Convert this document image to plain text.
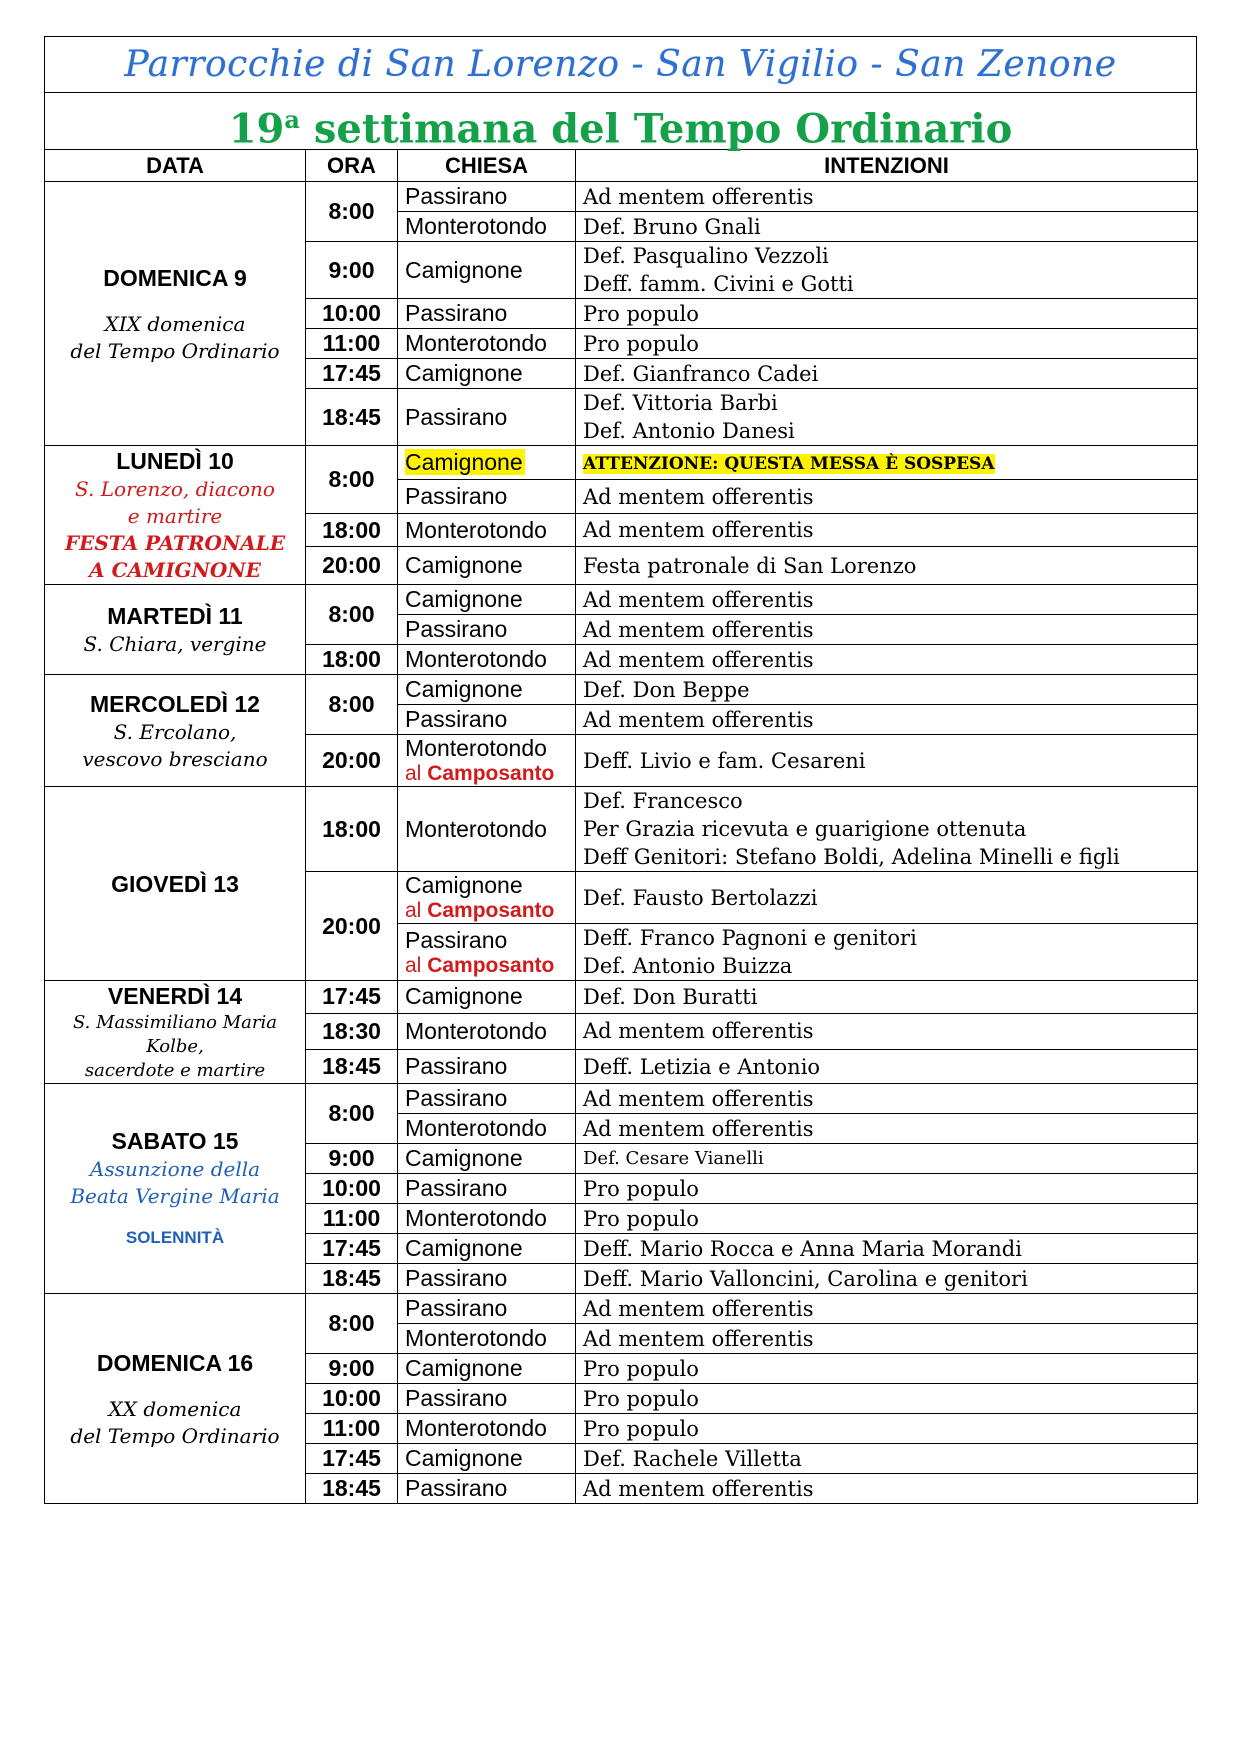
Parrocchie di San Lorenzo - San Vigilio - San Zenone
19$^a$ settimana del Tempo Ordinario
DATA	ORA	CHIESA	INTENZIONI

DOMENICA 9
XIX domenica
del Tempo Ordinario	8:00	Passirano	Ad mentem offerentis

		Monterotondo	Def. Bruno Gnali

	9:00	Camignone	Def. Pasqualino Vezzoli
Deff. famm. Civini e Gotti

	10:00	Passirano	Pro populo

	11:00	Monterotondo	Pro populo

	17:45	Camignone	Def. Gianfranco Cadei

	18:45	Passirano	Def. Vittoria Barbi
Def. Antonio Danesi

LUNEDÌ 10
S. Lorenzo, diacono
e martire
FESTA PATRONALE
A CAMIGNONE	8:00	Camignone	ATTENZIONE: QUESTA MESSA È SOSPESA
		Passirano	Ad mentem offerentis

	18:00	Monterotondo	Ad mentem offerentis

	20:00	Camignone	Festa patronale di San Lorenzo

MARTEDÌ 11
S. Chiara, vergine	8:00	Camignone	Ad mentem offerentis

		Passirano	Ad mentem offerentis

	18:00	Monterotondo	Ad mentem offerentis

MERCOLEDÌ 12
S. Ercolano,
vescovo bresciano	8:00	Camignone	Def. Don Beppe

		Passirano	Ad mentem offerentis

	20:00	Monterotondo
al Camposanto	Deff. Livio e fam. Cesareni

GIOVEDÌ 13	18:00	Monterotondo	Def. Francesco
Per Grazia ricevuta e guarigione ottenuta
Deff Genitori: Stefano Boldi, Adelina Minelli e figli

	20:00	Camignone
al Camposanto	Def. Fausto Bertolazzi

		Passirano
al Camposanto	Deff. Franco Pagnoni e genitori
Def. Antonio Buizza

VENERDÌ 14
S. Massimiliano Maria
Kolbe,
sacerdote e martire	17:45	Camignone	Def. Don Buratti

	18:30	Monterotondo	Ad mentem offerentis

	18:45	Passirano	Deff. Letizia e Antonio

SABATO 15
Assunzione della
Beata Vergine Maria
SOLENNITÀ	8:00	Passirano	Ad mentem offerentis

		Monterotondo	Ad mentem offerentis

	9:00	Camignone	Def. Cesare Vianelli

	10:00	Passirano	Pro populo

	11:00	Monterotondo	Pro populo

	17:45	Camignone	Deff. Mario Rocca e Anna Maria Morandi

	18:45	Passirano	Deff. Mario Valloncini, Carolina e genitori

DOMENICA 16
XX domenica
del Tempo Ordinario	8:00	Passirano	Ad mentem offerentis

		Monterotondo	Ad mentem offerentis

	9:00	Camignone	Pro populo

	10:00	Passirano	Pro populo

	11:00	Monterotondo	Pro populo

	17:45	Camignone	Def. Rachele Villetta

	18:45	Passirano	Ad mentem offerentis
